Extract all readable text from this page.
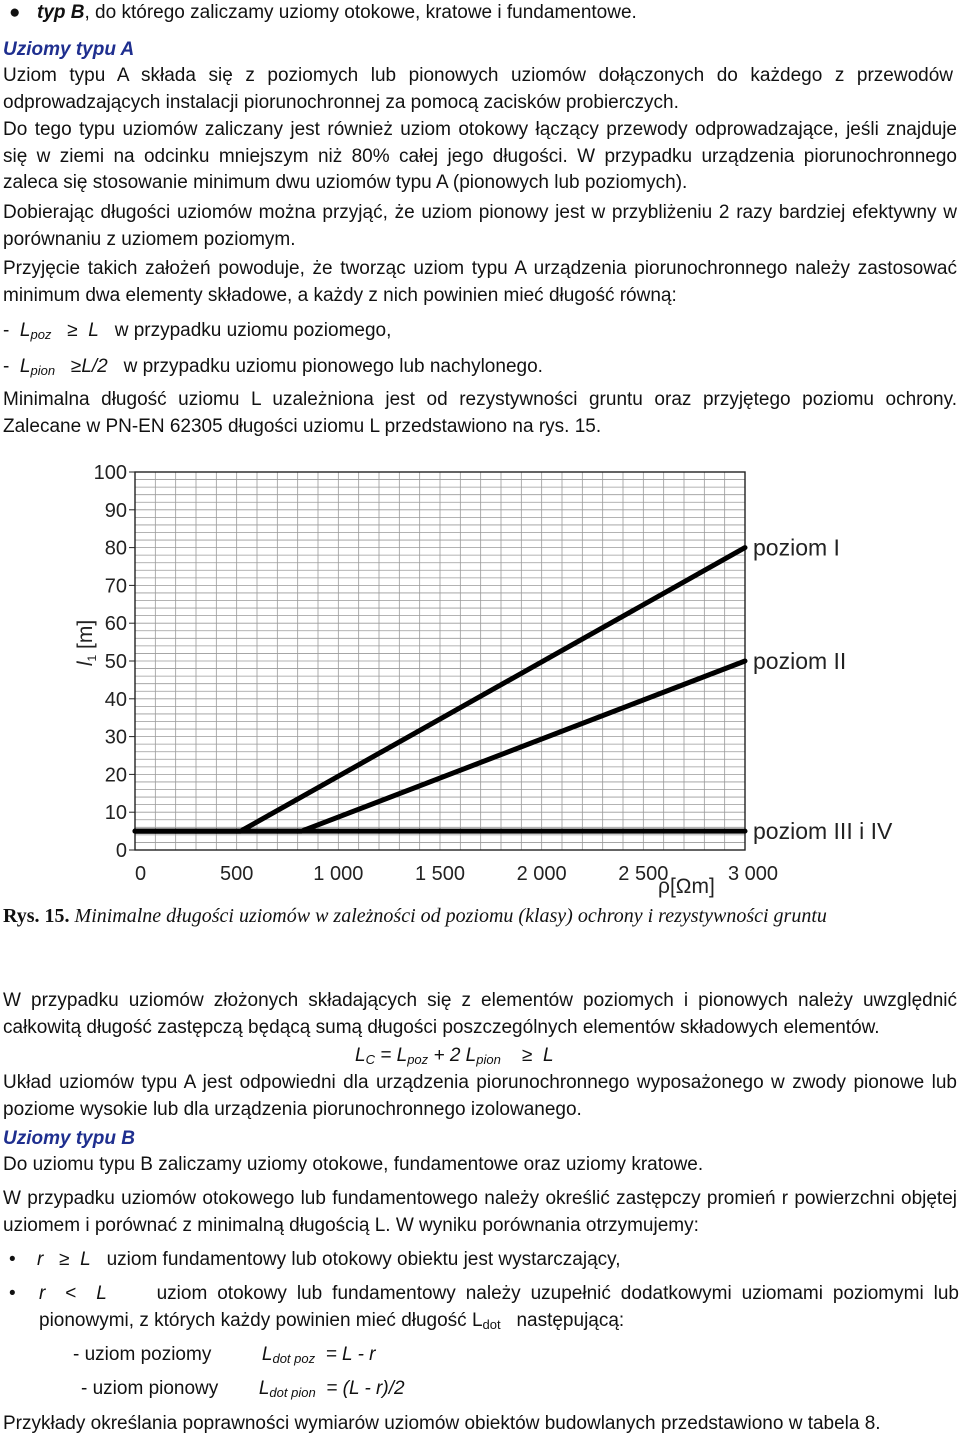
● typ B, do którego zaliczamy uziomy otokowe, kratowe i fundamentowe.

Uziomy typu A

Uziom typu A składa się z poziomych lub pionowych uziomów dołączonych do każdego z przewodów odprowadzających instalacji piorunochronnej za pomocą zacisków probierczych.

Do tego typu uziomów zaliczany jest również uziom otokowy łączący przewody odprowadzające, jeśli znajduje się w ziemi na odcinku mniejszym niż 80% całej jego długości. W przypadku urządzenia piorunochronnego zaleca się stosowanie minimum dwu uziomów typu A (pionowych lub poziomych).

Dobierając długości uziomów można przyjąć, że uziom pionowy jest w przybliżeniu 2 razy bardziej efektywny w porównaniu z uziomem poziomym.

Przyjęcie takich założeń powoduje, że tworząc uziom typu A urządzenia piorunochronnego należy zastosować minimum dwa elementy składowe, a każdy z nich powinien mieć długość równą:

- Lpoz ≥ L w przypadku uziomu poziomego,

- Lpion ≥L/2 w przypadku uziomu pionowego lub nachylonego.

Minimalna długość uziomu L uzależniona jest od rezystywności gruntu oraz przyjętego poziomu ochrony. Zalecane w PN-EN 62305 długości uziomu L przedstawiono na rys. 15.

0
10
20
30
40
50
60
70
80
90
100
0	500	1 000	1 500	2 000	2 500	3 000
poziom I
poziom II
poziom III i IV
l1 [m]
ρ[Ωm]

Rys. 15. Minimalne długości uziomów w zależności od poziomu (klasy) ochrony i rezystywności gruntu

W przypadku uziomów złożonych składających się z elementów poziomych i pionowych należy uwzględnić całkowitą długość zastępczą będącą sumą długości poszczególnych elementów składowych elementów.

LC = Lpoz + 2 Lpion ≥ L

Układ uziomów typu A jest odpowiedni dla urządzenia piorunochronnego wyposażonego w zwody pionowe lub poziome wysokie lub dla urządzenia piorunochronnego izolowanego.

Uziomy typu B

Do uziomu typu B zaliczamy uziomy otokowe, fundamentowe oraz uziomy kratowe.

W przypadku uziomów otokowego lub fundamentowego należy określić zastępczy promień r powierzchni objętej uziomem i porównać z minimalną długością L. W wyniku porównania otrzymujemy:

• r ≥ L uziom fundamentowy lub otokowy obiektu jest wystarczający,

• r < L	uziom otokowy lub fundamentowy należy uzupełnić dodatkowymi uziomami poziomymi lub pionowymi, z których każdy powinien mieć długość Ldot następującą:

- uziom poziomy	Ldot poz = L - r

- uziom pionowy Ldot pion = (L - r)/2

Przykłady określania poprawności wymiarów uziomów obiektów budowlanych przedstawiono w tabela 8.
